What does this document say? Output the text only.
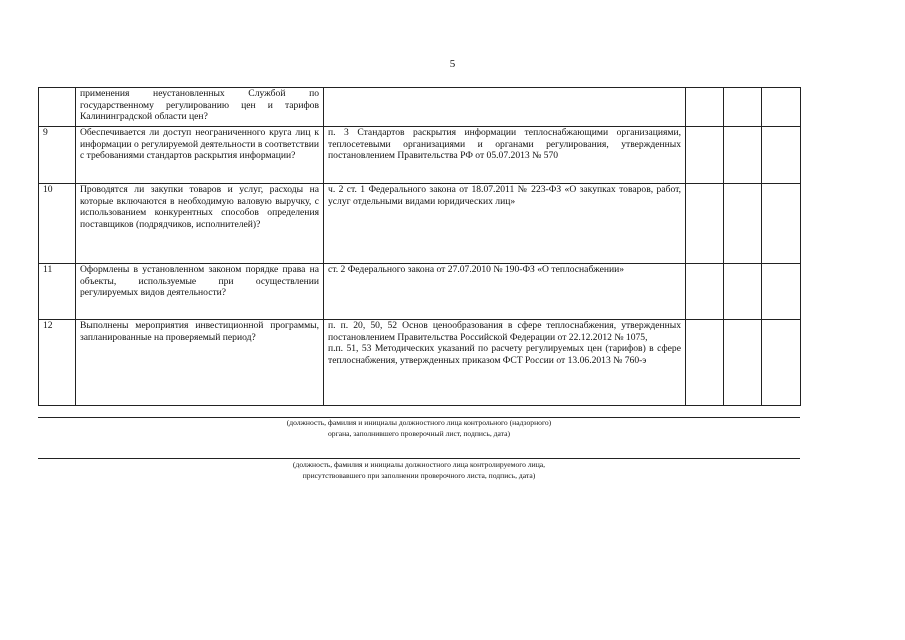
5
	применения неустановленных Службой по государственному регулированию цен и тарифов Калининградской области цен?				
9	Обеспечивается ли доступ неограниченного круга лиц к информации о регулируемой деятельности в соответствии с требованиями стандартов раскрытия информации?	п. 3 Стандартов раскрытия информации теплоснабжающими организациями, теплосетевыми организациями и органами регулирования, утвержденных постановлением Правительства РФ от 05.07.2013 № 570			
10	Проводятся ли закупки товаров и услуг, расходы на которые включаются в необходимую валовую выручку, с использованием конкурентных способов определения поставщиков (подрядчиков, исполнителей)?	ч. 2 ст. 1 Федерального закона от 18.07.2011 № 223-ФЗ «О закупках товаров, работ, услуг отдельными видами юридических лиц»			
11	Оформлены в установленном законом порядке права на объекты, используемые при осуществлении регулируемых видов деятельности?	ст. 2 Федерального закона от 27.07.2010 № 190-ФЗ «О теплоснабжении»			
12	Выполнены мероприятия инвестиционной программы, запланированные на проверяемый период?	п. п. 20, 50, 52 Основ ценообразования в сфере теплоснабжения, утвержденных постановлением Правительства Российской Федерации от 22.12.2012 № 1075,
п.п. 51, 53 Методических указаний по расчету регулируемых цен (тарифов) в сфере теплоснабжения, утвержденных приказом ФСТ России от 13.06.2013 № 760-э			

(должность, фамилия и инициалы должностного лица контрольного (надзорного)
органа, заполнившего проверочный лист, подпись, дата)
(должность, фамилия и инициалы должностного лица контролируемого лица,
присутствовавшего при заполнении проверочного листа, подпись, дата)
